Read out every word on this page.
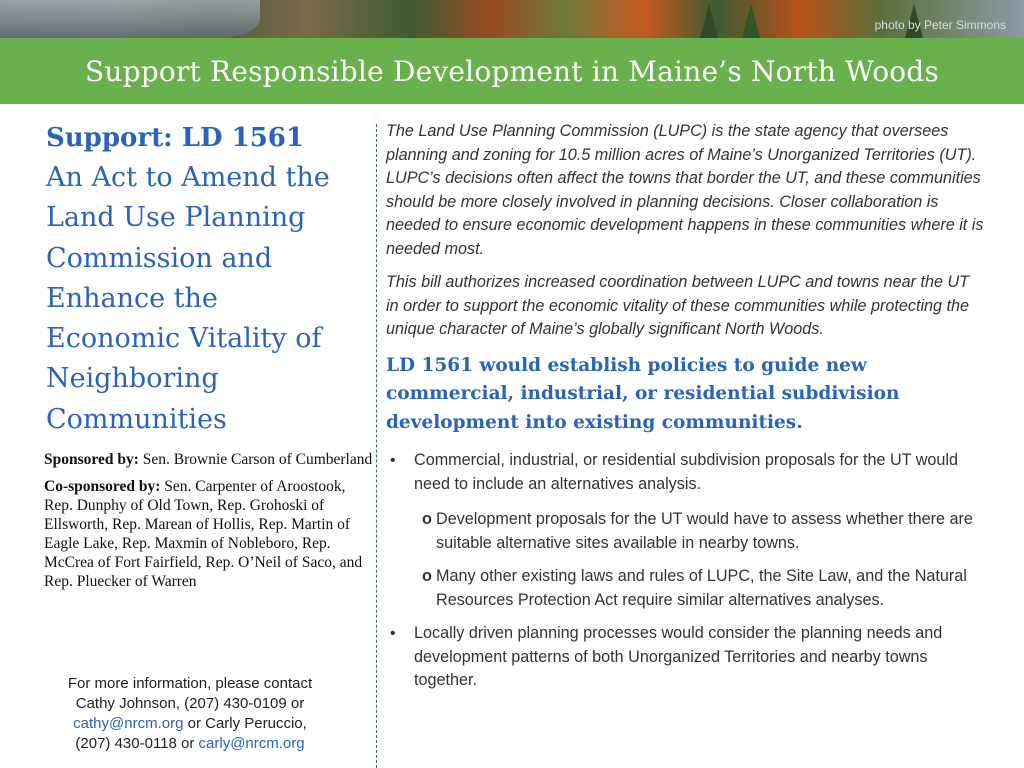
photo by Peter Simmons
Support Responsible Development in Maine’s North Woods

Support: LD 1561

An Act to Amend the

Land Use Planning

Commission and

Enhance the

Economic Vitality of

Neighboring

Communities

Sponsored by: Sen. Brownie Carson of Cumberland

Co-sponsored by: Sen. Carpenter of Aroostook, Rep. Dunphy of Old Town, Rep. Grohoski of Ellsworth, Rep. Marean of Hollis, Rep. Martin of Eagle Lake, Rep. Maxmin of Nobleboro, Rep. McCrea of Fort Fairfield, Rep. O’Neil of Saco, and Rep. Pluecker of Warren

For more information, please contact
Cathy Johnson, (207) 430-0109 or
cathy@nrcm.org or Carly Peruccio,
(207) 430-0118 or carly@nrcm.org

The Land Use Planning Commission (LUPC) is the state agency that oversees planning and zoning for 10.5 million acres of Maine’s Unorganized Territories (UT). LUPC’s decisions often affect the towns that border the UT, and these communities should be more closely involved in planning decisions. Closer collaboration is needed to ensure economic development happens in these communities where it is needed most.

This bill authorizes increased coordination between LUPC and towns near the UT in order to support the economic vitality of these communities while protecting the unique character of Maine’s globally significant North Woods.

LD 1561 would establish policies to guide new commercial, industrial, or residential subdivision development into existing communities.

• Commercial, industrial, or residential subdivision proposals for the UT would need to include an alternatives analysis.
o Development proposals for the UT would have to assess whether there are suitable alternative sites available in nearby towns.
o Many other existing laws and rules of LUPC, the Site Law, and the Natural Resources Protection Act require similar alternatives analyses.
• Locally driven planning processes would consider the planning needs and development patterns of both Unorganized Territories and nearby towns together.
